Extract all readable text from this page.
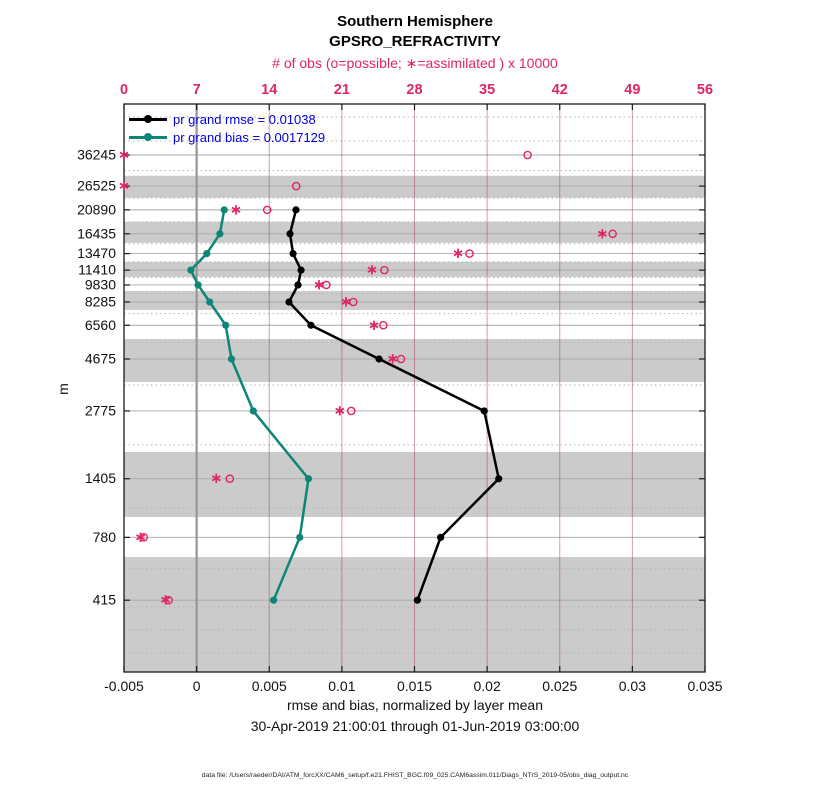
Southern Hemisphere
GPSRO_REFRACTIVITY
# of obs (o=possible; ∗=assimilated ) x 10000
0	7	14	21	28	35	42	49	56
-0.005	0	0.005	0.01	0.015	0.02	0.025	0.03	0.035
36245
26525
20890
16435
13470
11410
9830
8285
6560
4675
2775
1405
780
415
∗
∗
∗
∗
∗
∗
∗
∗
∗
∗
∗
∗
∗
∗
pr grand rmse = 0.01038
pr grand bias = 0.0017129
m
rmse and bias, normalized by layer mean
30-Apr-2019 21:00:01 through 01-Jun-2019 03:00:00
data file: /Users/raeder/DAI/ATM_forcXX/CAM6_setup/f.e21.FHIST_BGC.f09_025.CAM6assim.011/Diags_NTrS_2019-05/obs_diag_output.nc
